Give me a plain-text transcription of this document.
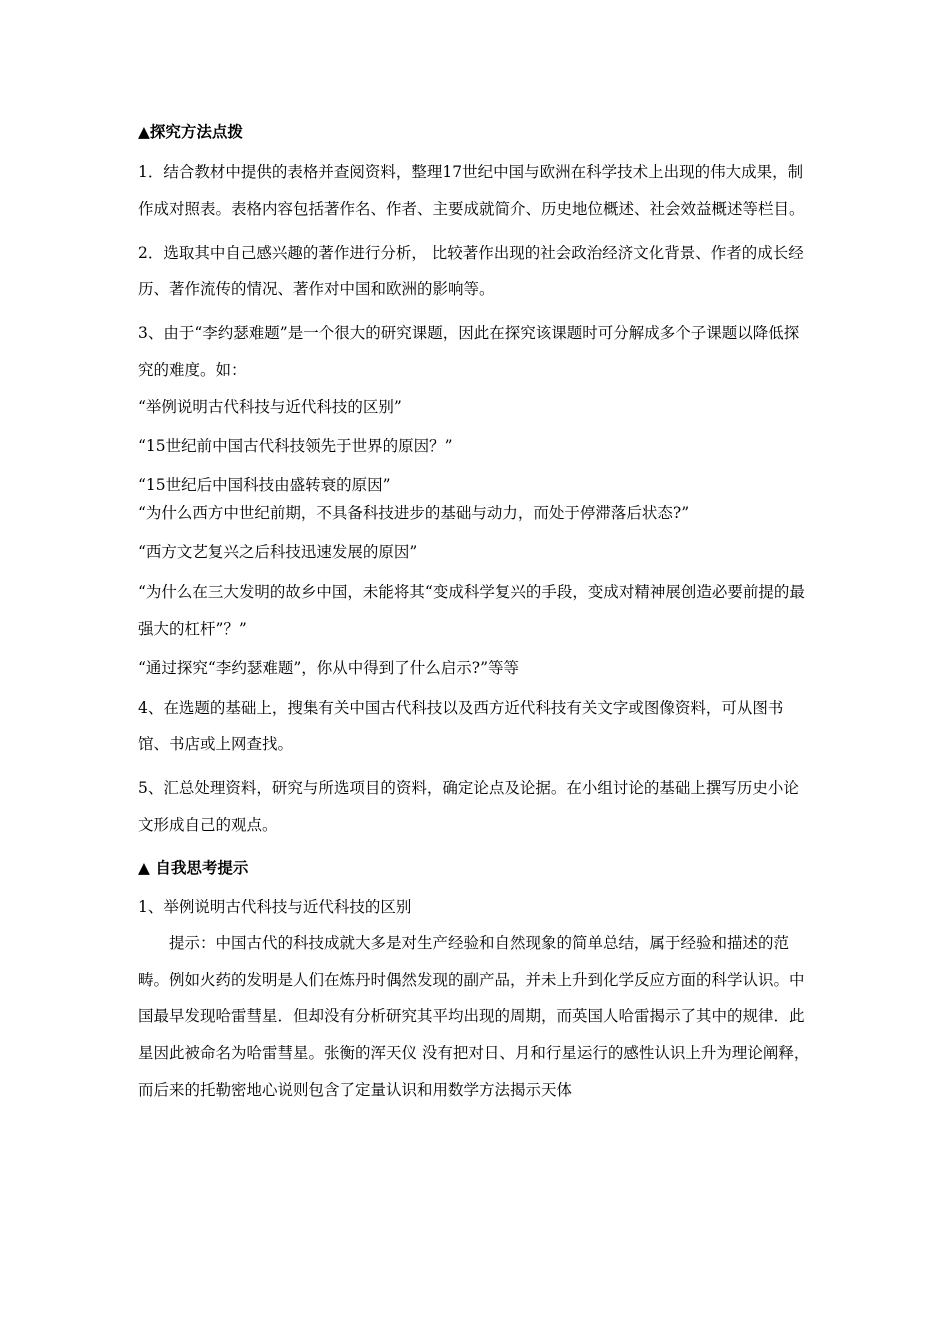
▲探究方法点拨

1．结合教材中提供的表格并查阅资料，整理17世纪中国与欧洲在科学技术上出现的伟大成果，制作成对照表。表格内容包括著作名、作者、主要成就简介、历史地位概述、社会效益概述等栏目。

2．选取其中自己感兴趣的著作进行分析， 比较著作出现的社会政治经济文化背景、作者的成长经历、著作流传的情况、著作对中国和欧洲的影响等。

3、由于“李约瑟难题”是一个很大的研究课题，因此在探究该课题时可分解成多个子课题以降低探究的难度。如：

“举例说明古代科技与近代科技的区别”

“15世纪前中国古代科技领先于世界的原因？”

“15世纪后中国科技由盛转衰的原因”

“为什么西方中世纪前期，不具备科技进步的基础与动力，而处于停滞落后状态?”

“西方文艺复兴之后科技迅速发展的原因”

“为什么在三大发明的故乡中国，未能将其“变成科学复兴的手段，变成对精神展创造必要前提的最强大的杠杆”？”

“通过探究“李约瑟难题”，你从中得到了什么启示?”等等

4、在选题的基础上，搜集有关中国古代科技以及西方近代科技有关文字或图像资料，可从图书馆、书店或上网查找。

5、汇总处理资料，研究与所选项目的资料，确定论点及论据。在小组讨论的基础上撰写历史小论文形成自己的观点。

▲ 自我思考提示

1、举例说明古代科技与近代科技的区别

提示：中国古代的科技成就大多是对生产经验和自然现象的简单总结，属于经验和描述的范畴。例如火药的发明是人们在炼丹时偶然发现的副产品，并未上升到化学反应方面的科学认识。中国最早发现哈雷彗星．但却没有分析研究其平均出现的周期，而英国人哈雷揭示了其中的规律．此星因此被命名为哈雷彗星。张衡的浑天仪 没有把对日、月和行星运行的感性认识上升为理论阐释，而后来的托勒密地心说则包含了定量认识和用数学方法揭示天体
